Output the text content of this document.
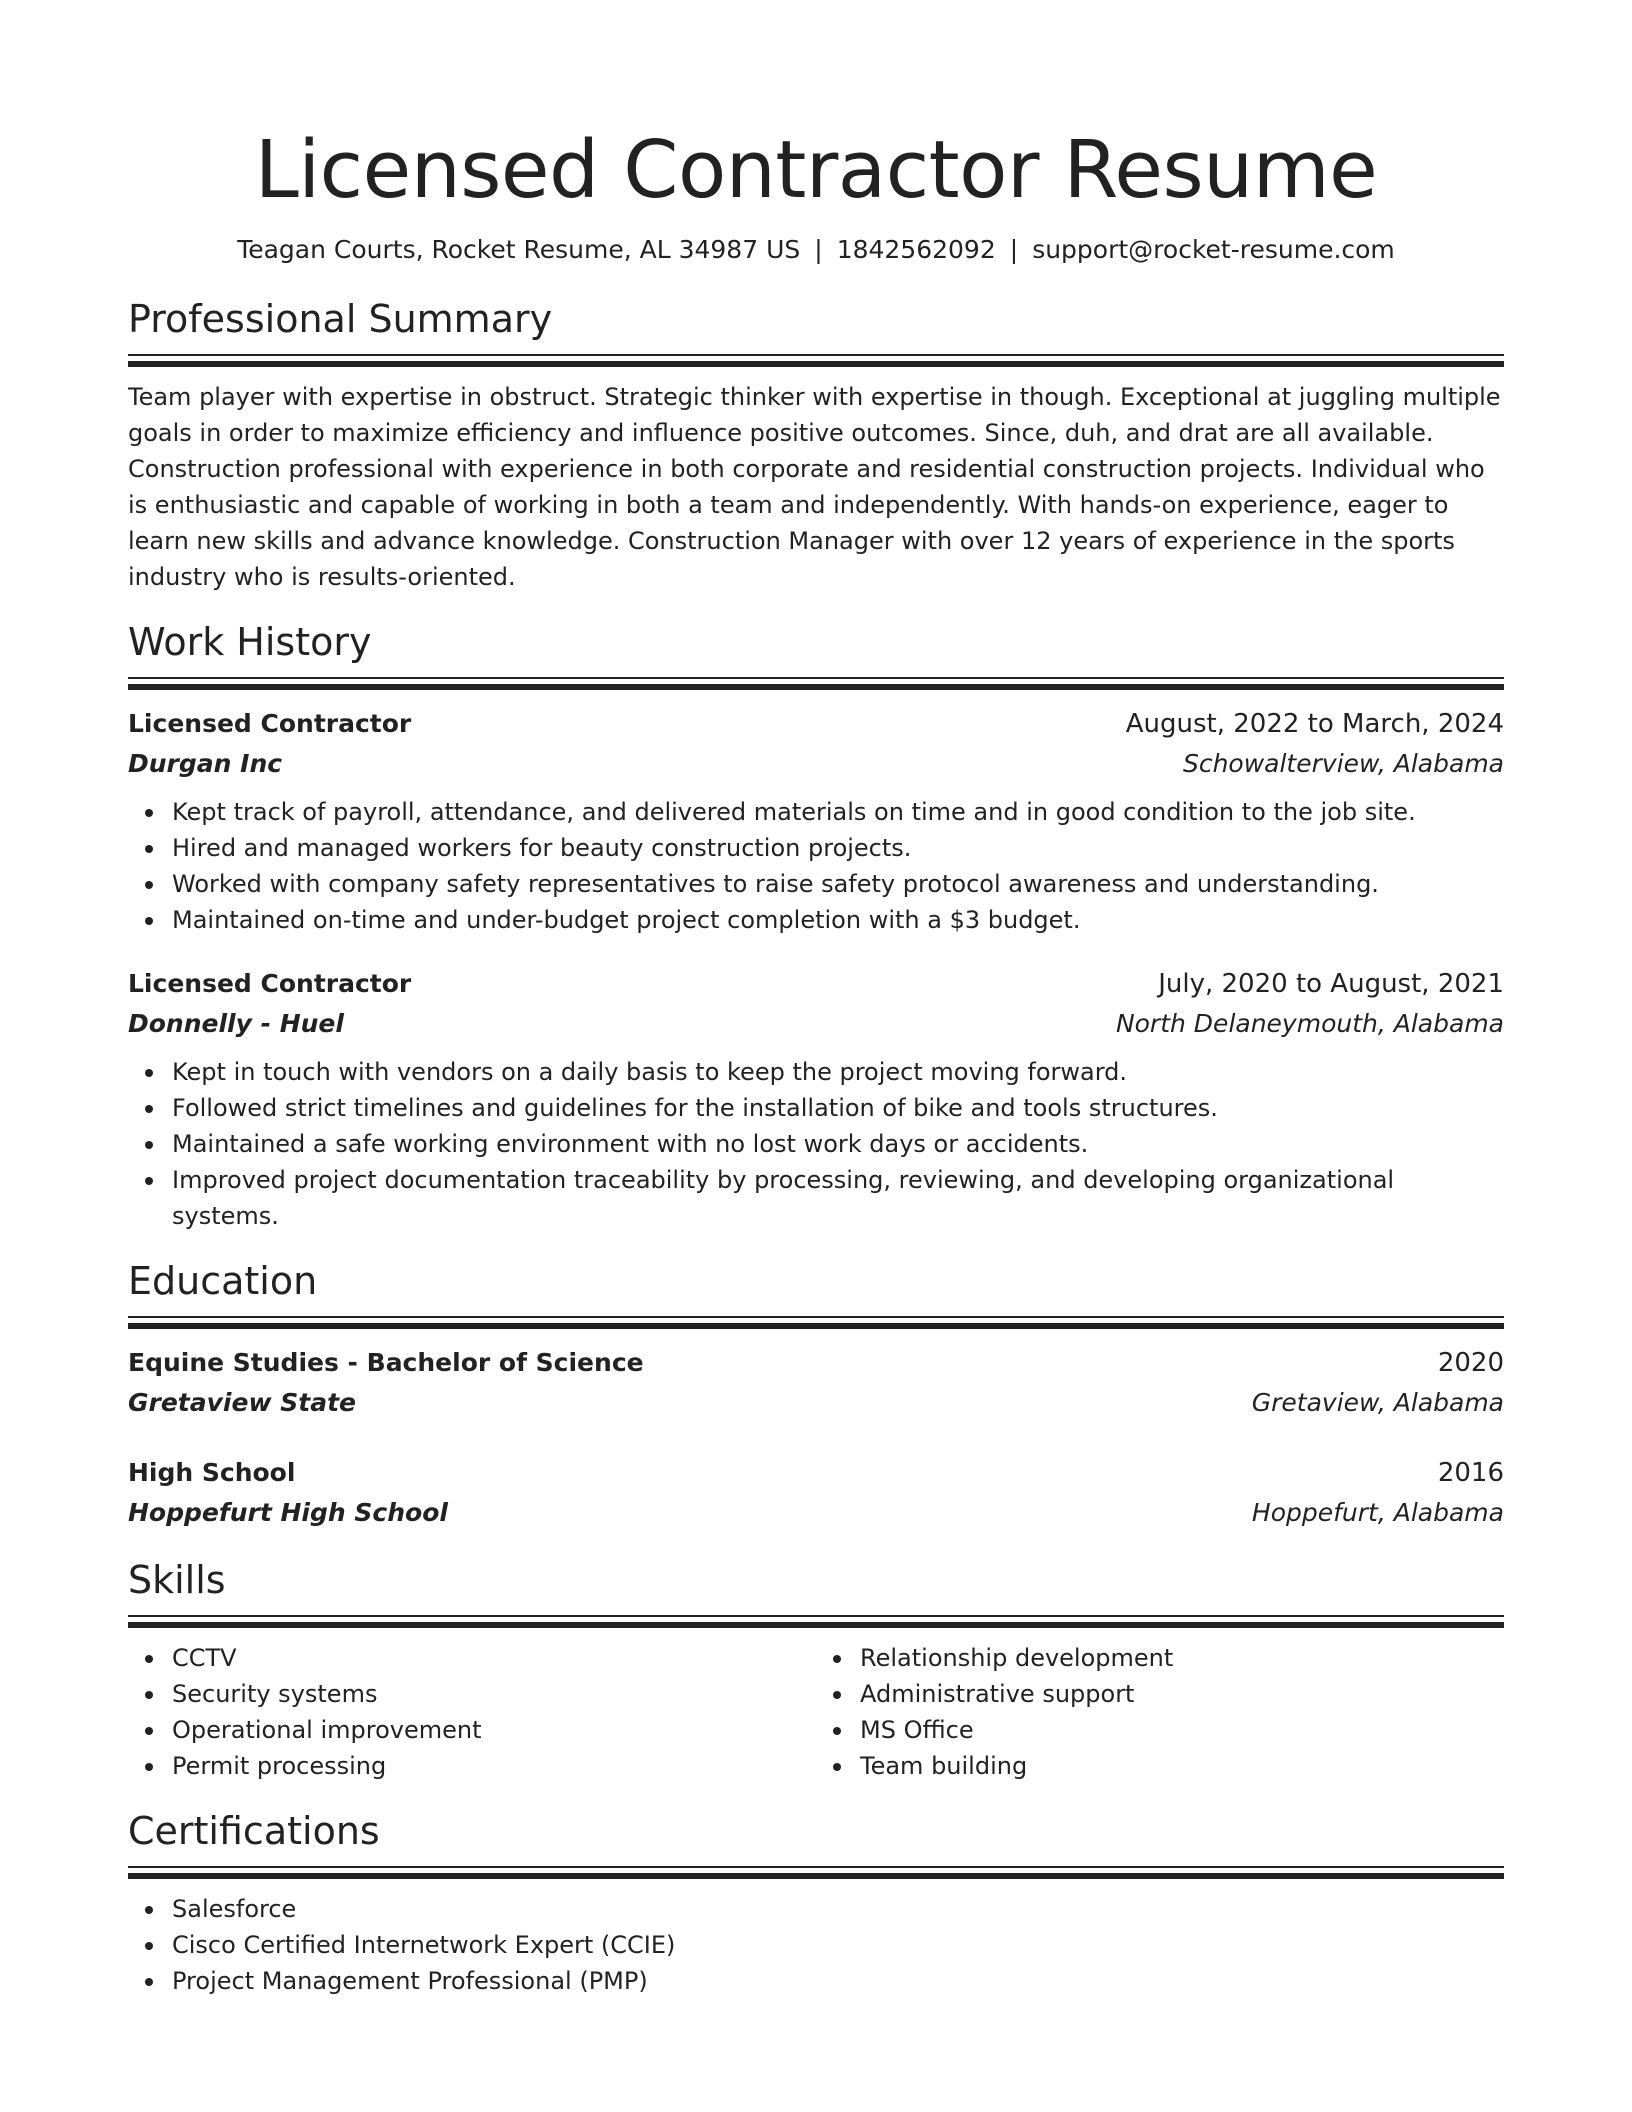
Licensed Contractor Resume
Teagan Courts, Rocket Resume, AL 34987 US | 1842562092 | support@rocket-resume.com
Professional Summary

Team player with expertise in obstruct. Strategic thinker with expertise in though. Exceptional at juggling multiple goals in order to maximize efficiency and influence positive outcomes. Since, duh, and drat are all available. Construction professional with experience in both corporate and residential construction projects. Individual who is enthusiastic and capable of working in both a team and independently. With hands-on experience, eager to learn new skills and advance knowledge. Construction Manager with over 12 years of experience in the sports industry who is results-oriented.

Work History
Licensed Contractor	August, 2022 to March, 2024
Durgan Inc	Schowalterview, Alabama
Kept track of payroll, attendance, and delivered materials on time and in good condition to the job site.
Hired and managed workers for beauty construction projects.
Worked with company safety representatives to raise safety protocol awareness and understanding.
Maintained on-time and under-budget project completion with a $3 budget.
Licensed Contractor	July, 2020 to August, 2021
Donnelly - Huel	North Delaneymouth, Alabama
Kept in touch with vendors on a daily basis to keep the project moving forward.
Followed strict timelines and guidelines for the installation of bike and tools structures.
Maintained a safe working environment with no lost work days or accidents.
Improved project documentation traceability by processing, reviewing, and developing organizational systems.
Education
Equine Studies - Bachelor of Science	2020
Gretaview State	Gretaview, Alabama
High School	2016
Hoppefurt High School	Hoppefurt, Alabama
Skills
CCTV
Security systems
Operational improvement
Permit processing
Relationship development
Administrative support
MS Office
Team building
Certifications
Salesforce
Cisco Certified Internetwork Expert (CCIE)
Project Management Professional (PMP)
